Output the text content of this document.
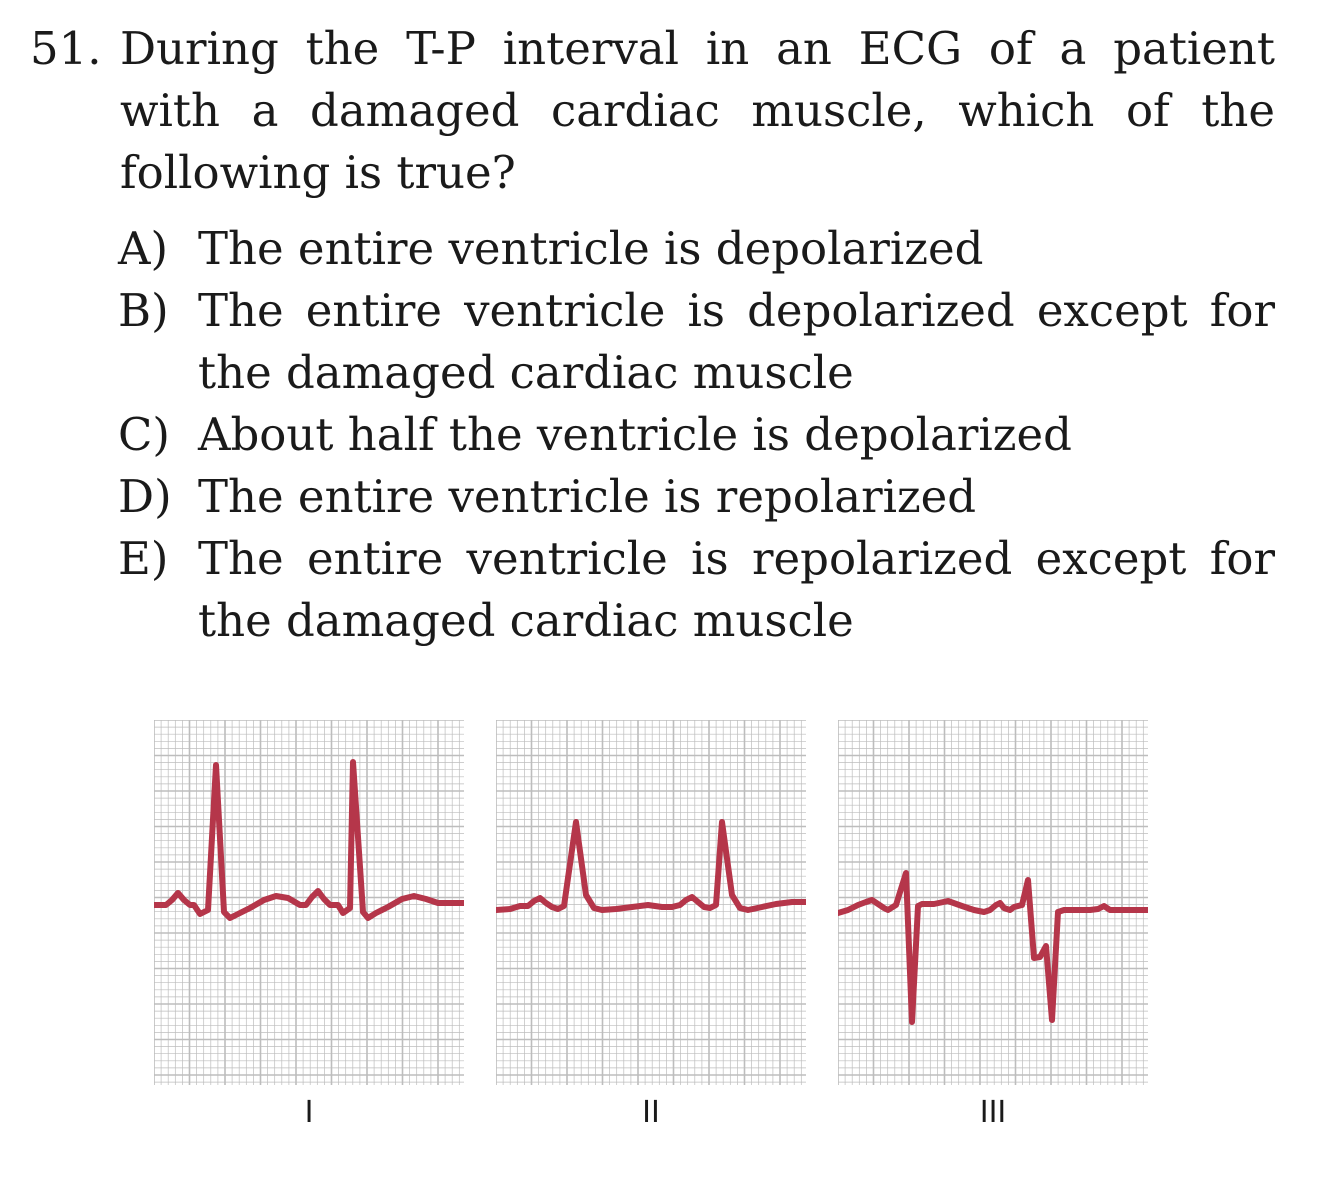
51. During the T-P interval in an ECG of a patient with a damaged cardiac muscle, which of the following is true?
A) The entire ventricle is depolarized
B) The entire ventricle is depolarized except for the damaged cardiac muscle
C) About half the ventricle is depolarized
D) The entire ventricle is repolarized
E) The entire ventricle is repolarized except for the damaged cardiac muscle
I	II	III
